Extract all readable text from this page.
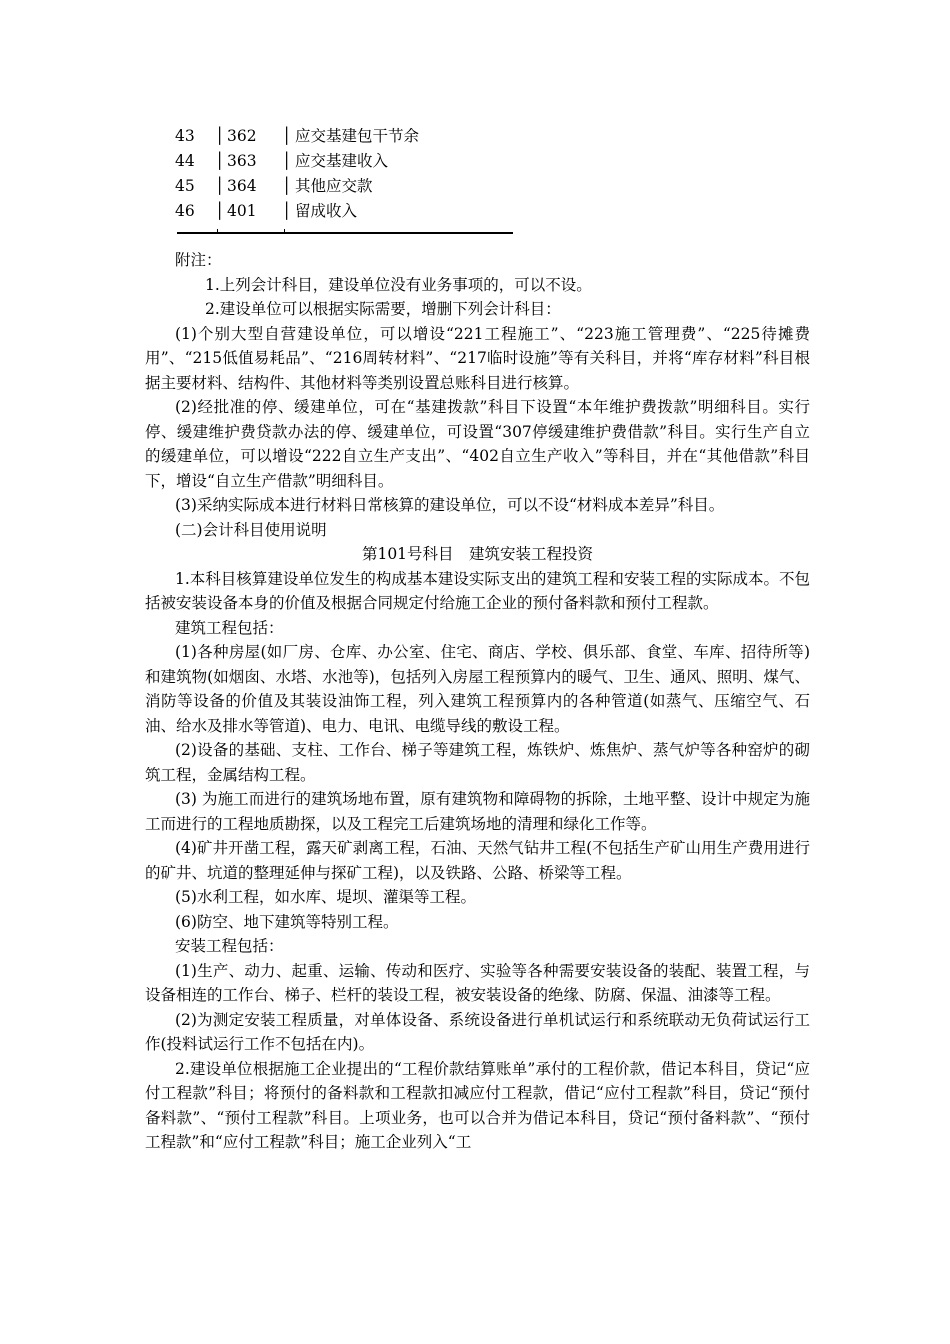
43 │ 362 │ 应交基建包干节余
44 │ 363 │ 应交基建收入
45 │ 364 │ 其他应交款
46 │ 401 │ 留成收入

附注：

1.上列会计科目，建设单位没有业务事项的，可以不设。

2.建设单位可以根据实际需要，增删下列会计科目：

(1)个别大型自营建设单位，可以增设“221工程施工”、“223施工管理费”、“225待摊费用”、“215低值易耗品”、“216周转材料”、“217临时设施”等有关科目，并将“库存材料”科目根据主要材料、结构件、其他材料等类别设置总账科目进行核算。

(2)经批准的停、缓建单位，可在“基建拨款”科目下设置“本年维护费拨款”明细科目。实行停、缓建维护费贷款办法的停、缓建单位，可设置“307停缓建维护费借款”科目。实行生产自立的缓建单位，可以增设“222自立生产支出”、“402自立生产收入”等科目，并在“其他借款”科目下，增设“自立生产借款”明细科目。

(3)采纳实际成本进行材料日常核算的建设单位，可以不设“材料成本差异”科目。

(二)会计科目使用说明

第101号科目　建筑安装工程投资

1.本科目核算建设单位发生的构成基本建设实际支出的建筑工程和安装工程的实际成本。不包括被安装设备本身的价值及根据合同规定付给施工企业的预付备料款和预付工程款。

建筑工程包括：

(1)各种房屋(如厂房、仓库、办公室、住宅、商店、学校、俱乐部、食堂、车库、招待所等)和建筑物(如烟囱、水塔、水池等)，包括列入房屋工程预算内的暖气、卫生、通风、照明、煤气、消防等设备的价值及其装设油饰工程，列入建筑工程预算内的各种管道(如蒸气、压缩空气、石油、给水及排水等管道)、电力、电讯、电缆导线的敷设工程。

(2)设备的基础、支柱、工作台、梯子等建筑工程，炼铁炉、炼焦炉、蒸气炉等各种窑炉的砌筑工程，金属结构工程。

(3) 为施工而进行的建筑场地布置，原有建筑物和障碍物的拆除，土地平整、设计中规定为施工而进行的工程地质勘探，以及工程完工后建筑场地的清理和绿化工作等。

(4)矿井开凿工程，露天矿剥离工程，石油、天然气钻井工程(不包括生产矿山用生产费用进行的矿井、坑道的整理延伸与探矿工程)，以及铁路、公路、桥梁等工程。

(5)水利工程，如水库、堤坝、灌渠等工程。

(6)防空、地下建筑等特别工程。

安装工程包括：

(1)生产、动力、起重、运输、传动和医疗、实验等各种需要安装设备的装配、装置工程，与设备相连的工作台、梯子、栏杆的装设工程，被安装设备的绝缘、防腐、保温、油漆等工程。

(2)为测定安装工程质量，对单体设备、系统设备进行单机试运行和系统联动无负荷试运行工作(投料试运行工作不包括在内)。

2.建设单位根据施工企业提出的“工程价款结算账单”承付的工程价款，借记本科目，贷记“应付工程款”科目；将预付的备料款和工程款扣减应付工程款，借记“应付工程款”科目，贷记“预付备料款”、“预付工程款”科目。上项业务，也可以合并为借记本科目，贷记“预付备料款”、“预付工程款”和“应付工程款”科目；施工企业列入“工
